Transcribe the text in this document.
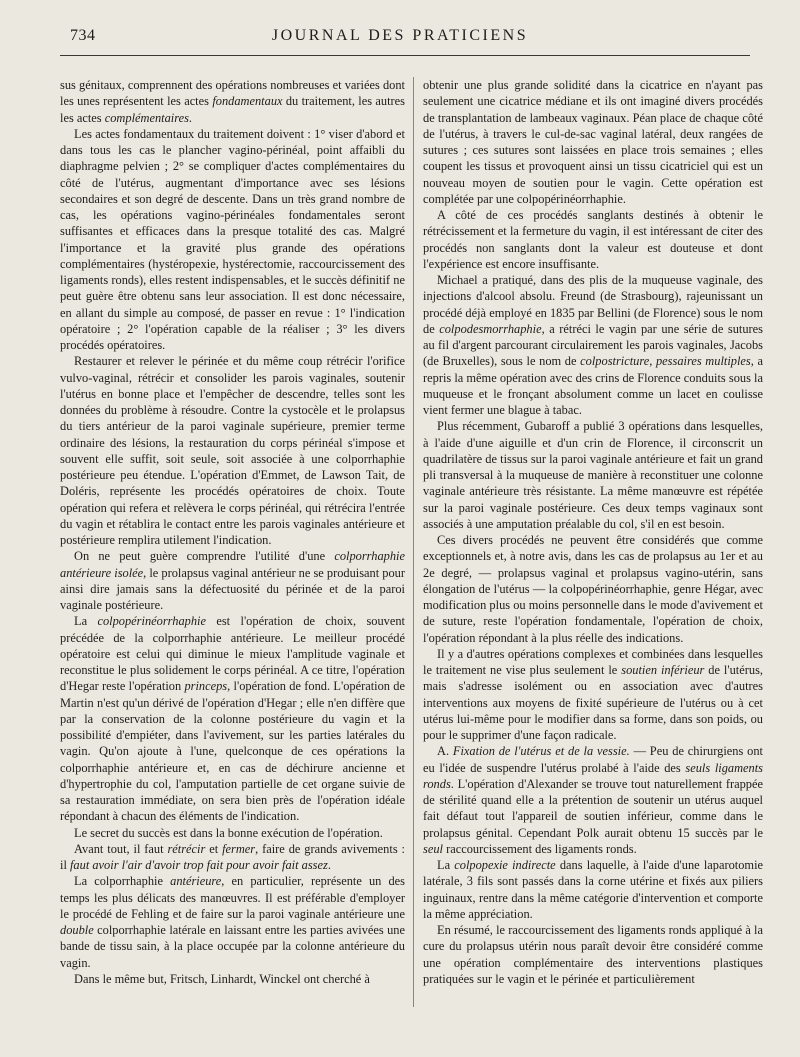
734	JOURNAL DES PRATICIENS

sus génitaux, comprennent des opérations nombreuses et variées dont les unes représentent les actes fondamentaux du traitement, les autres les actes complémentaires.

Les actes fondamentaux du traitement doivent : 1° viser d'abord et dans tous les cas le plancher vagino-périnéal, point affaibli du diaphragme pelvien ; 2° se compliquer d'actes complémentaires du côté de l'utérus, augmentant d'importance avec ses lésions secondaires et son degré de descente. Dans un très grand nombre de cas, les opérations vagino-périnéales fondamentales seront suffisantes et efficaces dans la presque totalité des cas. Malgré l'importance et la gravité plus grande des opérations complémentaires (hystéropexie, hystérectomie, raccourcissement des ligaments ronds), elles restent indispensables, et le succès définitif ne peut guère être obtenu sans leur association. Il est donc nécessaire, en allant du simple au composé, de passer en revue : 1° l'indication opératoire ; 2° l'opération capable de la réaliser ; 3° les divers procédés opératoires.

Restaurer et relever le périnée et du même coup rétrécir l'orifice vulvo-vaginal, rétrécir et consolider les parois vaginales, soutenir l'utérus en bonne place et l'empêcher de descendre, telles sont les données du problème à résoudre. Contre la cystocèle et le prolapsus du tiers antérieur de la paroi vaginale supérieure, premier terme ordinaire des lésions, la restauration du corps périnéal s'impose et souvent elle suffit, soit seule, soit associée à une colporrhaphie postérieure peu étendue. L'opération d'Emmet, de Lawson Tait, de Doléris, représente les procédés opératoires de choix. Toute opération qui refera et relèvera le corps périnéal, qui rétrécira l'entrée du vagin et rétablira le contact entre les parois vaginales antérieure et postérieure remplira utilement l'indication.

On ne peut guère comprendre l'utilité d'une colporrhaphie antérieure isolée, le prolapsus vaginal antérieur ne se produisant pour ainsi dire jamais sans la défectuosité du périnée et de la paroi vaginale postérieure.

La colpopérinéorrhaphie est l'opération de choix, souvent précédée de la colporrhaphie antérieure. Le meilleur procédé opératoire est celui qui diminue le mieux l'amplitude vaginale et reconstitue le plus solidement le corps périnéal. A ce titre, l'opération d'Hegar reste l'opération princeps, l'opération de fond. L'opération de Martin n'est qu'un dérivé de l'opération d'Hegar ; elle n'en diffère que par la conservation de la colonne postérieure du vagin et la possibilité d'empiéter, dans l'avivement, sur les parties latérales du vagin. Qu'on ajoute à l'une, quelconque de ces opérations la colporrhaphie antérieure et, en cas de déchirure ancienne et d'hypertrophie du col, l'amputation partielle de cet organe suivie de sa restauration immédiate, on sera bien près de l'opération idéale répondant à chacun des éléments de l'indication.

Le secret du succès est dans la bonne exécution de l'opération.

Avant tout, il faut rétrécir et fermer, faire de grands avivements : il faut avoir l'air d'avoir trop fait pour avoir fait assez.

La colporrhaphie antérieure, en particulier, représente un des temps les plus délicats des manœuvres. Il est préférable d'employer le procédé de Fehling et de faire sur la paroi vaginale antérieure une double colporrhaphie latérale en laissant entre les parties avivées une bande de tissu sain, à la place occupée par la colonne antérieure du vagin.

Dans le même but, Fritsch, Linhardt, Winckel ont cherché à

obtenir une plus grande solidité dans la cicatrice en n'ayant pas seulement une cicatrice médiane et ils ont imaginé divers procédés de transplantation de lambeaux vaginaux. Péan place de chaque côté de l'utérus, à travers le cul-de-sac vaginal latéral, deux rangées de sutures ; ces sutures sont laissées en place trois semaines ; elles coupent les tissus et provoquent ainsi un tissu cicatriciel qui est un nouveau moyen de soutien pour le vagin. Cette opération est complétée par une colpopérinéorrhaphie.

A côté de ces procédés sanglants destinés à obtenir le rétrécissement et la fermeture du vagin, il est intéressant de citer des procédés non sanglants dont la valeur est douteuse et dont l'expérience est encore insuffisante.

Michael a pratiqué, dans des plis de la muqueuse vaginale, des injections d'alcool absolu. Freund (de Strasbourg), rajeunissant un procédé déjà employé en 1835 par Bellini (de Florence) sous le nom de colpodesmorrhaphie, a rétréci le vagin par une série de sutures au fil d'argent parcourant circulairement les parois vaginales, Jacobs (de Bruxelles), sous le nom de colpostricture, pessaires multiples, a repris la même opération avec des crins de Florence conduits sous la muqueuse et le fronçant absolument comme un lacet en coulisse vient fermer une blague à tabac.

Plus récemment, Gubaroff a publié 3 opérations dans lesquelles, à l'aide d'une aiguille et d'un crin de Florence, il circonscrit un quadrilatère de tissus sur la paroi vaginale antérieure et fait un grand pli transversal à la muqueuse de manière à reconstituer une colonne vaginale antérieure très résistante. La même manœuvre est répétée sur la paroi vaginale postérieure. Ces deux temps vaginaux sont associés à une amputation préalable du col, s'il en est besoin.

Ces divers procédés ne peuvent être considérés que comme exceptionnels et, à notre avis, dans les cas de prolapsus au 1er et au 2e degré, — prolapsus vaginal et prolapsus vagino-utérin, sans élongation de l'utérus — la colpopérinéorrhaphie, genre Hégar, avec modification plus ou moins personnelle dans le mode d'avivement et de suture, reste l'opération fondamentale, l'opération de choix, l'opération répondant à la plus réelle des indications.

Il y a d'autres opérations complexes et combinées dans lesquelles le traitement ne vise plus seulement le soutien inférieur de l'utérus, mais s'adresse isolément ou en association avec d'autres interventions aux moyens de fixité supérieure de l'utérus ou à cet utérus lui-même pour le modifier dans sa forme, dans son poids, ou pour le supprimer d'une façon radicale.

A. Fixation de l'utérus et de la vessie. — Peu de chirurgiens ont eu l'idée de suspendre l'utérus prolabé à l'aide des seuls ligaments ronds. L'opération d'Alexander se trouve tout naturellement frappée de stérilité quand elle a la prétention de soutenir un utérus auquel fait défaut tout l'appareil de soutien inférieur, comme dans le prolapsus génital. Cependant Polk aurait obtenu 15 succès par le seul raccourcissement des ligaments ronds.

La colpopexie indirecte dans laquelle, à l'aide d'une laparotomie latérale, 3 fils sont passés dans la corne utérine et fixés aux piliers inguinaux, rentre dans la même catégorie d'intervention et comporte la même appréciation.

En résumé, le raccourcissement des ligaments ronds appliqué à la cure du prolapsus utérin nous paraît devoir être considéré comme une opération complémentaire des interventions plastiques pratiquées sur le vagin et le périnée et particulièrement
